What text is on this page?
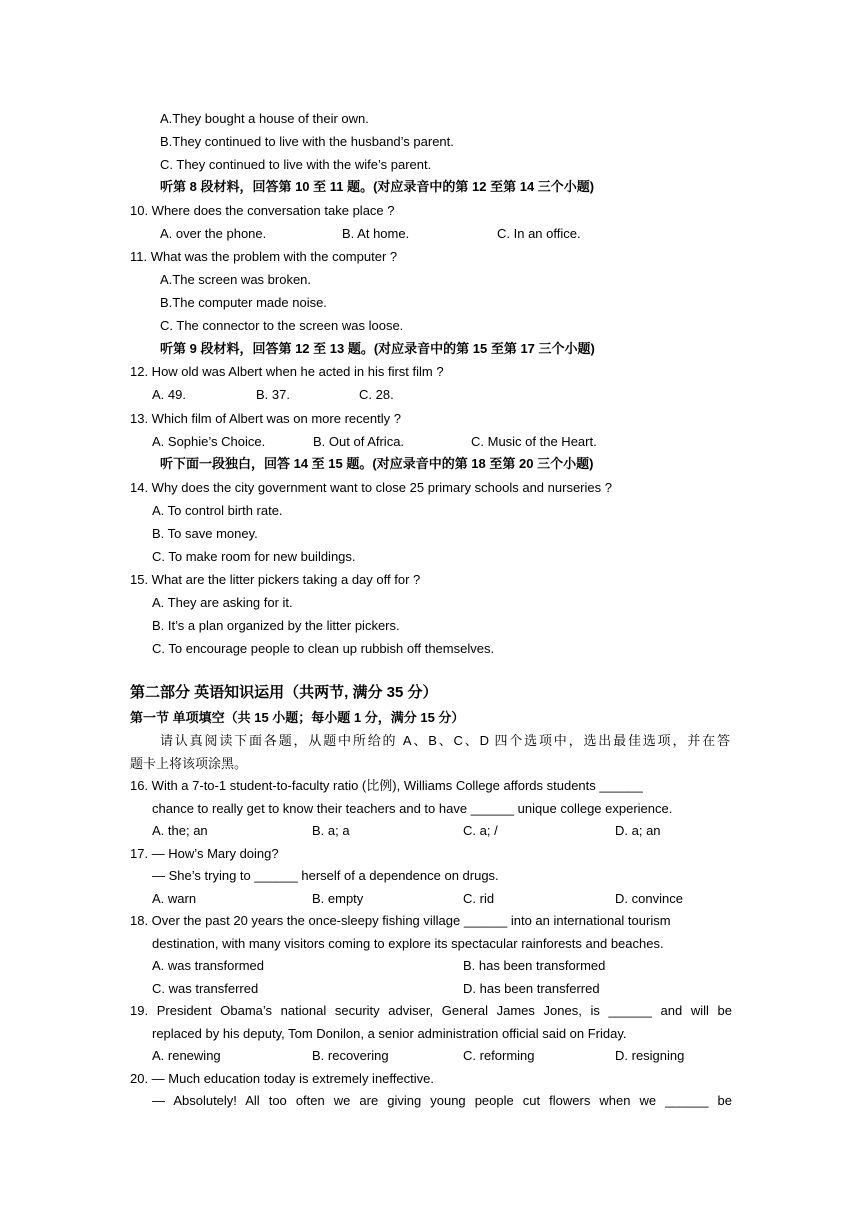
A.They bought a house of their own.
B.They continued to live with the husband’s parent.
C. They continued to live with the wife’s parent.
听第 8 段材料，回答第 10 至 11 题。(对应录音中的第 12 至第 14 三个小题)
10. Where does the conversation take place ?
A. over the phone.	B. At home.	C. In an office.
11. What was the problem with the computer ?
A.The screen was broken.
B.The computer made noise.
C. The connector to the screen was loose.
听第 9 段材料，回答第 12 至 13 题。(对应录音中的第 15 至第 17 三个小题)
12. How old was Albert when he acted in his first film ?
A. 49.	B. 37.	C. 28.
13. Which film of Albert was on more recently ?
A. Sophie’s Choice.	B. Out of Africa.	C. Music of the Heart.
听下面一段独白，回答 14 至 15 题。(对应录音中的第 18 至第 20 三个小题)
14. Why does the city government want to close 25 primary schools and nurseries ?
A. To control birth rate.
B. To save money.
C. To make room for new buildings.
15. What are the litter pickers taking a day off for ?
A. They are asking for it.
B. It’s a plan organized by the litter pickers.
C. To encourage people to clean up rubbish off themselves.
第二部分 英语知识运用（共两节, 满分 35 分）
第一节 单项填空（共 15 小题；每小题 1 分，满分 15 分）
请认真阅读下面各题，从题中所给的 A、B、C、D 四个选项中，选出最佳选项，并在答
题卡上将该项涂黑。
16. With a 7-to-1 student-to-faculty ratio (比例), Williams College affords students ______
chance to really get to know their teachers and to have ______ unique college experience.
A. the; an	B. a; a	C. a; /	D. a; an
17. — How’s Mary doing?
— She’s trying to ______ herself of a dependence on drugs.
A. warn	B. empty	C. rid	D. convince
18. Over the past 20 years the once-sleepy fishing village ______ into an international tourism
destination, with many visitors coming to explore its spectacular rainforests and beaches.
A. was transformed	B. has been transformed
C. was transferred	D. has been transferred
19. President Obama’s national security adviser, General James Jones, is ______ and will be
replaced by his deputy, Tom Donilon, a senior administration official said on Friday.
A. renewing	B. recovering	C. reforming	D. resigning
20. — Much education today is extremely ineffective.
— Absolutely! All too often we are giving young people cut flowers when we ______ be
